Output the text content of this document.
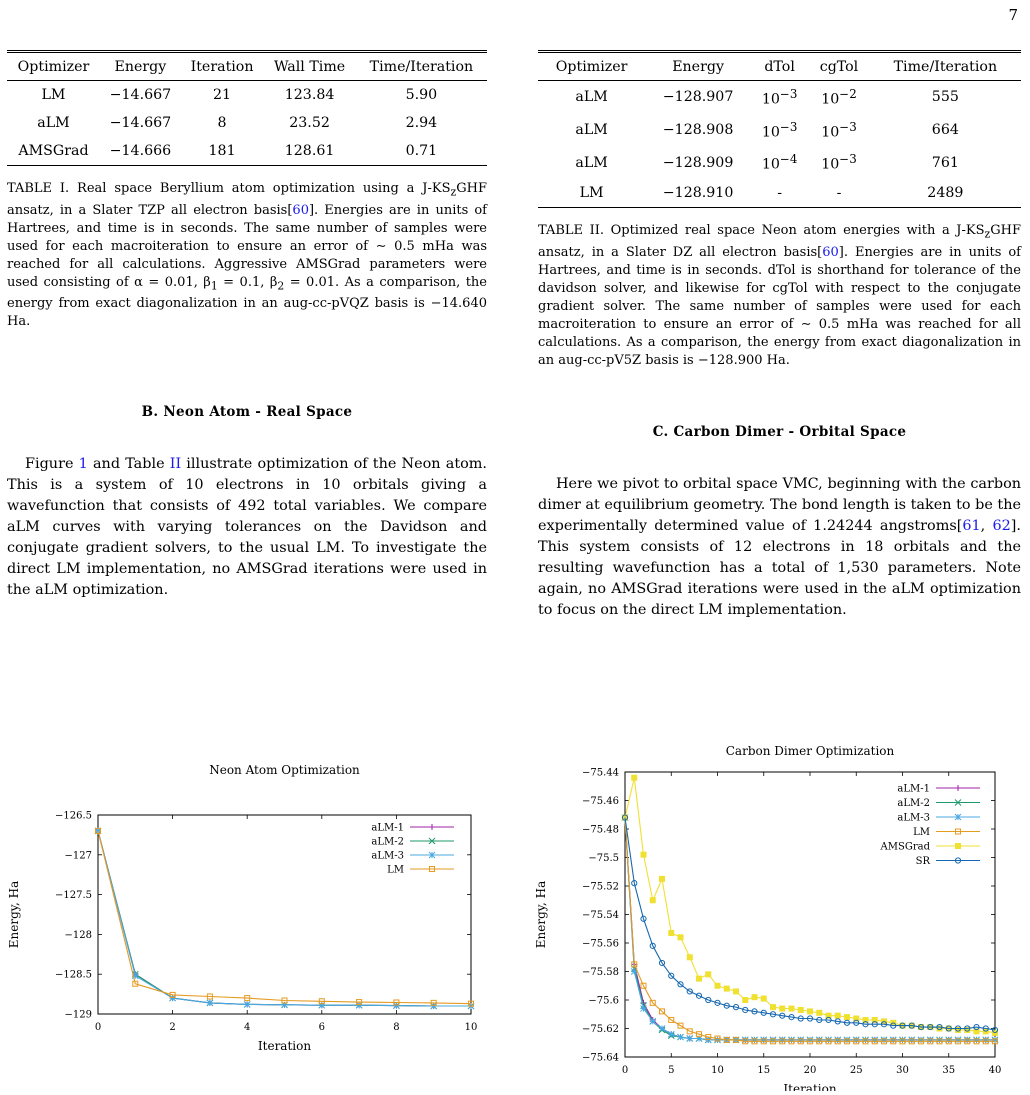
7
Optimizer	Energy	Iteration	Wall Time	Time/Iteration
LM	−14.667	21	123.84	5.90
aLM	−14.667	8	23.52	2.94
AMSGrad	−14.666	181	128.61	0.71
TABLE I. Real space Beryllium atom optimization using a $J-KS_zGHF$ ansatz, in a Slater TZP all electron basis[60]. Energies are in units of Hartrees, and time is in seconds. The same number of samples were used for each macroiteration to ensure an error of ∼ 0.5 mHa was reached for all calculations. Aggressive AMSGrad parameters were used consisting of α = 0.01, $\beta_1 = 0.1$, $\beta_2 = 0.01$. As a comparison, the energy from exact diagonalization in an aug-cc-pVQZ basis is −14.640 Ha.
B. Neon Atom - Real Space
Figure 1 and Table II illustrate optimization of the Neon atom. This is a system of 10 electrons in 10 orbitals giving a wavefunction that consists of 492 total variables. We compare aLM curves with varying tolerances on the Davidson and conjugate gradient solvers, to the usual LM. To investigate the direct LM implementation, no AMSGrad iterations were used in the aLM optimization.
Optimizer	Energy	dTol	cgTol	Time/Iteration
aLM	−128.907	$10^{-3}$	$10^{-2}$	555
aLM	−128.908	$10^{-3}$	$10^{-3}$	664
aLM	−128.909	$10^{-4}$	$10^{-3}$	761
LM	−128.910	-	-	2489
TABLE II. Optimized real space Neon atom energies with a $J-KS_zGHF$ ansatz, in a Slater DZ all electron basis[60]. Energies are in units of Hartrees, and time is in seconds. dTol is shorthand for tolerance of the davidson solver, and likewise for cgTol with respect to the conjugate gradient solver. The same number of samples were used for each macroiteration to ensure an error of ∼ 0.5 mHa was reached for all calculations. As a comparison, the energy from exact diagonalization in an aug-cc-pV5Z basis is −128.900 Ha.
C. Carbon Dimer - Orbital Space
Here we pivot to orbital space VMC, beginning with the carbon dimer at equilibrium geometry. The bond length is taken to be the experimentally determined value of 1.24244 angstroms[61, 62]. This system consists of 12 electrons in 18 orbitals and the resulting wavefunction has a total of 1,530 parameters. Note again, no AMSGrad iterations were used in the aLM optimization to focus on the direct LM implementation.
Neon Atom Optimization
0	2	4	6	8	10
−126.5
−127
−127.5
−128
−128.5
−129
Iteration
Energy, Ha
aLM-1
aLM-2
aLM-3
LM
Carbon Dimer Optimization
0	5	10	15	20	25	30	35	40
−75.44
−75.46
−75.48
−75.5
−75.52
−75.54
−75.56
−75.58
−75.6
−75.62
−75.64
Iteration
Energy, Ha
aLM-1
aLM-2
aLM-3
LM
AMSGrad
SR
